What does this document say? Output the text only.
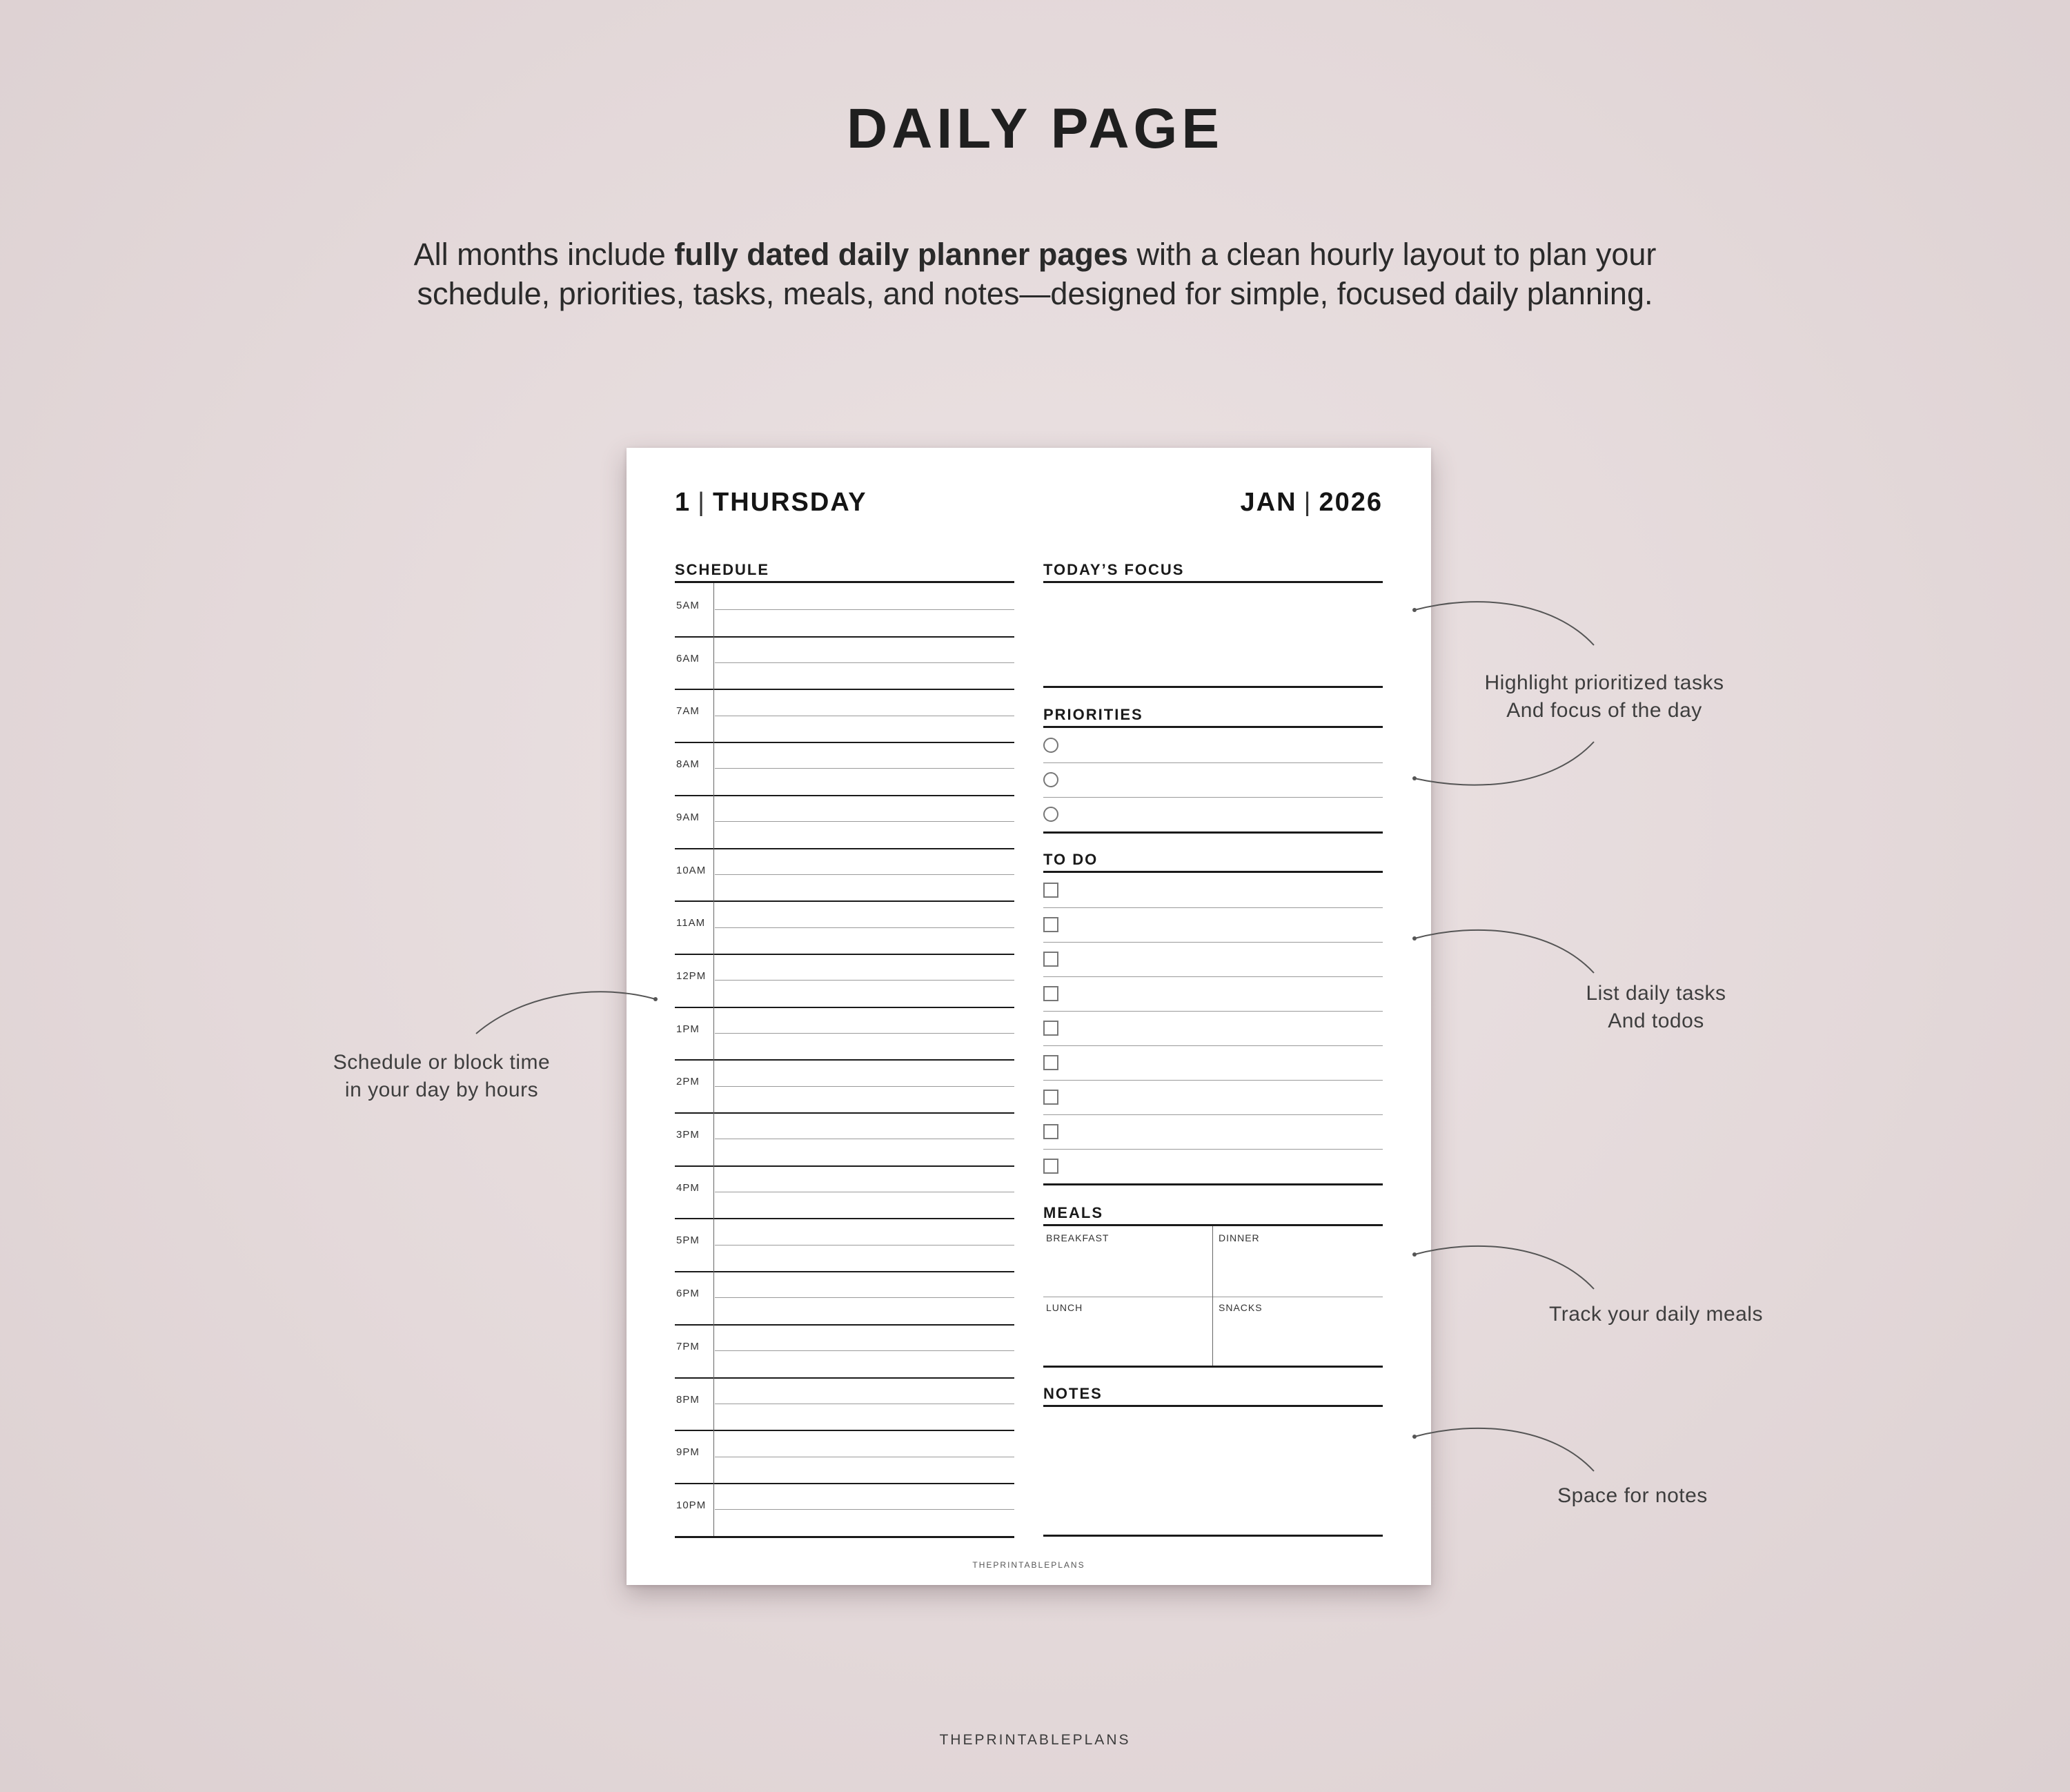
DAILY PAGE
All months include fully dated daily planner pages with a clean hourly layout to plan your schedule, priorities, tasks, meals, and notes—designed for simple, focused daily planning.
1 | THURSDAY	JAN | 2026
SCHEDULE
5AM
6AM
7AM
8AM
9AM
10AM
11AM
12PM
1PM
2PM
3PM
4PM
5PM
6PM
7PM
8PM
9PM
10PM
TODAY’S FOCUS
PRIORITIES
TO DO
MEALS
BREAKFAST	DINNER
LUNCH	SNACKS
NOTES
THEPRINTABLEPLANS
Highlight prioritized tasks
And focus of the day
List daily tasks
And todos
Track your daily meals
Space for notes
Schedule or block time
in your day by hours
THEPRINTABLEPLANS
